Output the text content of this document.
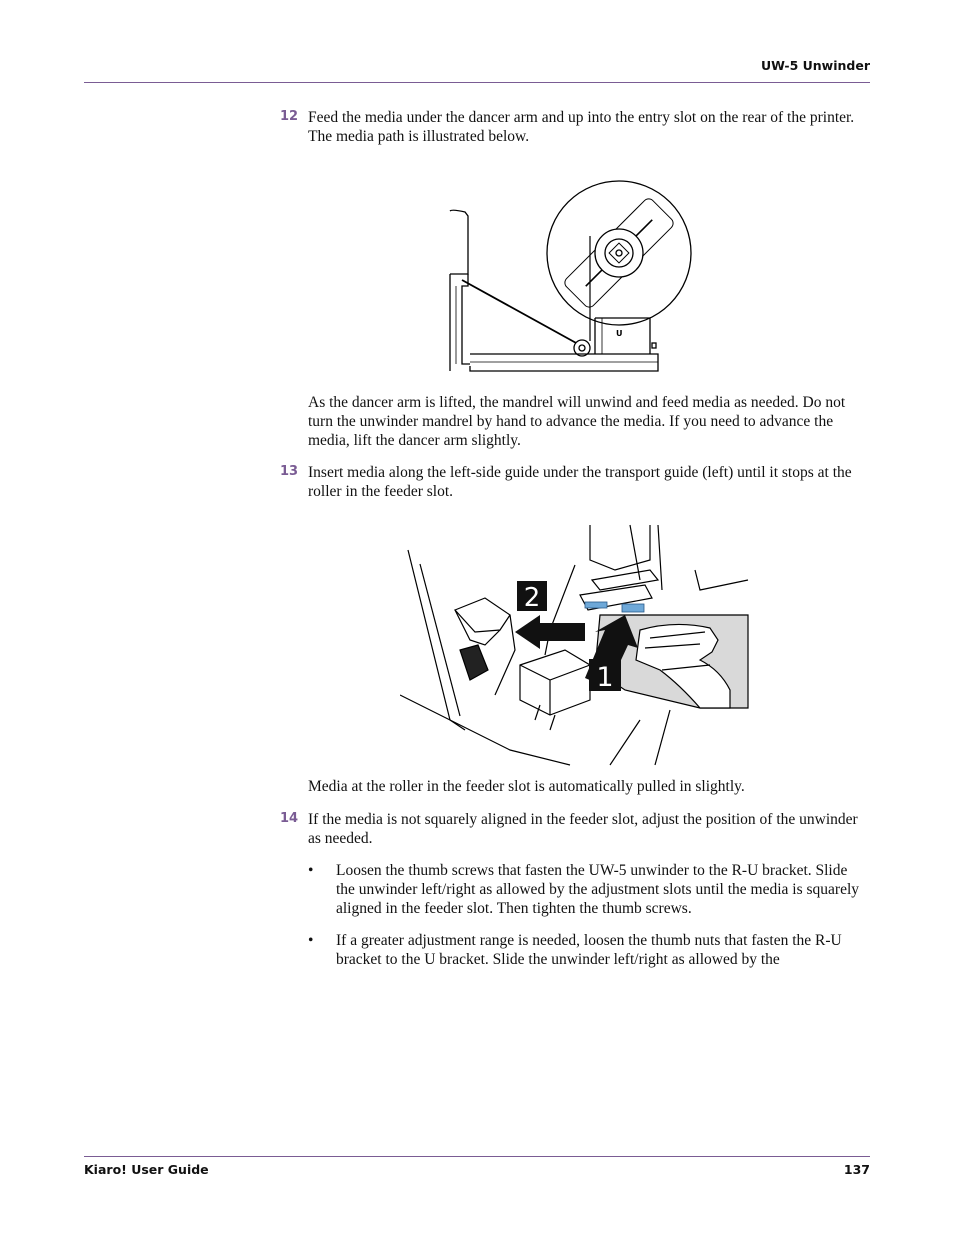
UW-5 Unwinder
12 Feed the media under the dancer arm and up into the entry slot on the rear of the printer. The media path is illustrated below.
U
As the dancer arm is lifted, the mandrel will unwind and feed media as needed. Do not turn the unwinder mandrel by hand to advance the media. If you need to advance the media, lift the dancer arm slightly.
13 Insert media along the left-side guide under the transport guide (left) until it stops at the roller in the feeder slot.
2
1
Media at the roller in the feeder slot is automatically pulled in slightly.
14 If the media is not squarely aligned in the feeder slot, adjust the position of the unwinder as needed.
• Loosen the thumb screws that fasten the UW-5 unwinder to the R-U bracket. Slide the unwinder left/right as allowed by the adjustment slots until the media is squarely aligned in the feeder slot. Then tighten the thumb screws.
• If a greater adjustment range is needed, loosen the thumb nuts that fasten the R-U bracket to the U bracket. Slide the unwinder left/right as allowed by the
Kiaro! User Guide	137
